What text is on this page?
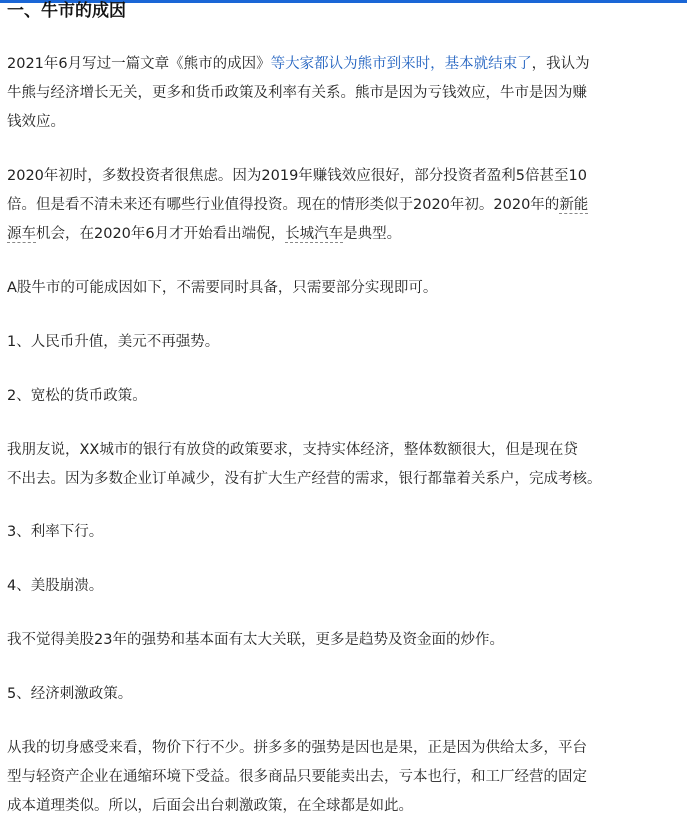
一、牛市的成因

2021年6月写过一篇文章《熊市的成因》等大家都认为熊市到来时，基本就结束了，我认为
牛熊与经济增长无关，更多和货币政策及利率有关系。熊市是因为亏钱效应，牛市是因为赚
钱效应。

2020年初时，多数投资者很焦虑。因为2019年赚钱效应很好，部分投资者盈利5倍甚至10
倍。但是看不清未来还有哪些行业值得投资。现在的情形类似于2020年初。2020年的新能
源车机会，在2020年6月才开始看出端倪，长城汽车是典型。

A股牛市的可能成因如下，不需要同时具备，只需要部分实现即可。

1、人民币升值，美元不再强势。

2、宽松的货币政策。

我朋友说，XX城市的银行有放贷的政策要求，支持实体经济，整体数额很大，但是现在贷
不出去。因为多数企业订单减少，没有扩大生产经营的需求，银行都靠着关系户，完成考核。

3、利率下行。

4、美股崩溃。

我不觉得美股23年的强势和基本面有太大关联，更多是趋势及资金面的炒作。

5、经济刺激政策。

从我的切身感受来看，物价下行不少。拼多多的强势是因也是果，正是因为供给太多，平台
型与轻资产企业在通缩环境下受益。很多商品只要能卖出去，亏本也行，和工厂经营的固定
成本道理类似。所以，后面会出台刺激政策，在全球都是如此。
